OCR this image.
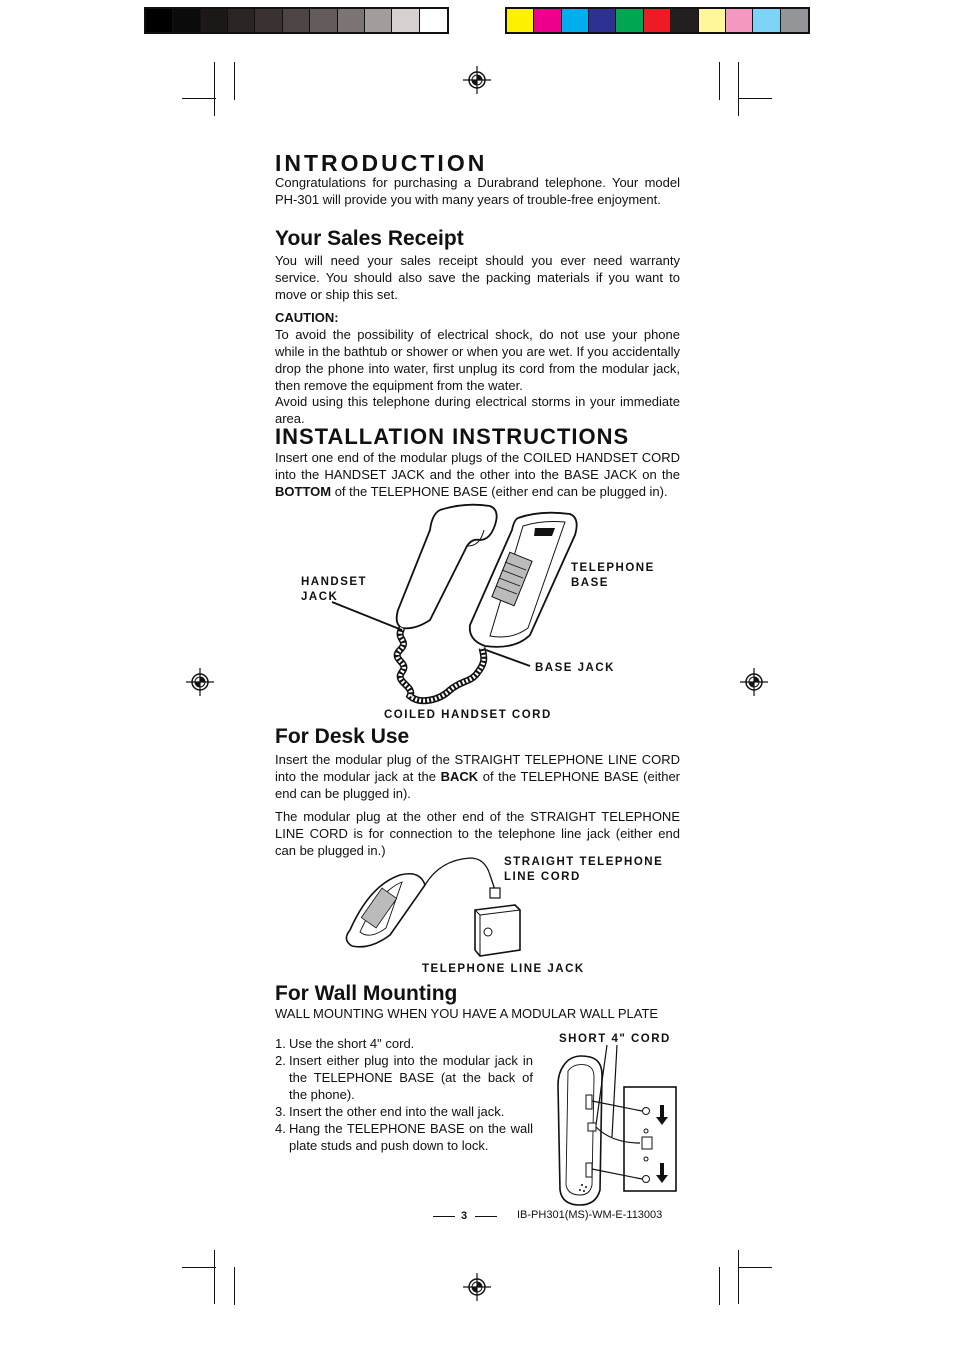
INTRODUCTION

Congratulations for purchasing a Durabrand telephone. Your model PH-301 will provide you with many years of trouble-free enjoyment.

Your Sales Receipt

You will need your sales receipt should you ever need warranty service. You should also save the packing materials if you want to move or ship this set.

CAUTION:

To avoid the possibility of electrical shock, do not use your phone while in the bathtub or shower or when you are wet. If you accidentally drop the phone into water, first unplug its cord from the modular jack, then remove the equipment from the water.

Avoid using this telephone during electrical storms in your immediate area.

INSTALLATION INSTRUCTIONS

Insert one end of the modular plugs of the COILED HANDSET CORD into the HANDSET JACK and the other into the BASE JACK on the BOTTOM of the TELEPHONE BASE (either end can be plugged in).

HANDSET
JACK
TELEPHONE
BASE
BASE JACK
COILED HANDSET CORD
For Desk Use

Insert the modular plug of the STRAIGHT TELEPHONE LINE CORD into the modular jack at the BACK of the TELEPHONE BASE (either end can be plugged in).

The modular plug at the other end of the STRAIGHT TELEPHONE LINE CORD is for connection to the telephone line jack (either end can be plugged in.)

STRAIGHT TELEPHONE
LINE CORD
TELEPHONE LINE JACK
For Wall Mounting
WALL MOUNTING WHEN YOU HAVE A MODULAR WALL PLATE
1. Use the short 4" cord.
2. Insert either plug into the modular jack in the TELEPHONE BASE (at the back of the phone).
3. Insert the other end into the wall jack.
4. Hang the TELEPHONE BASE on the wall plate studs and push down to lock.
SHORT 4" CORD
3	IB-PH301(MS)-WM-E-113003
